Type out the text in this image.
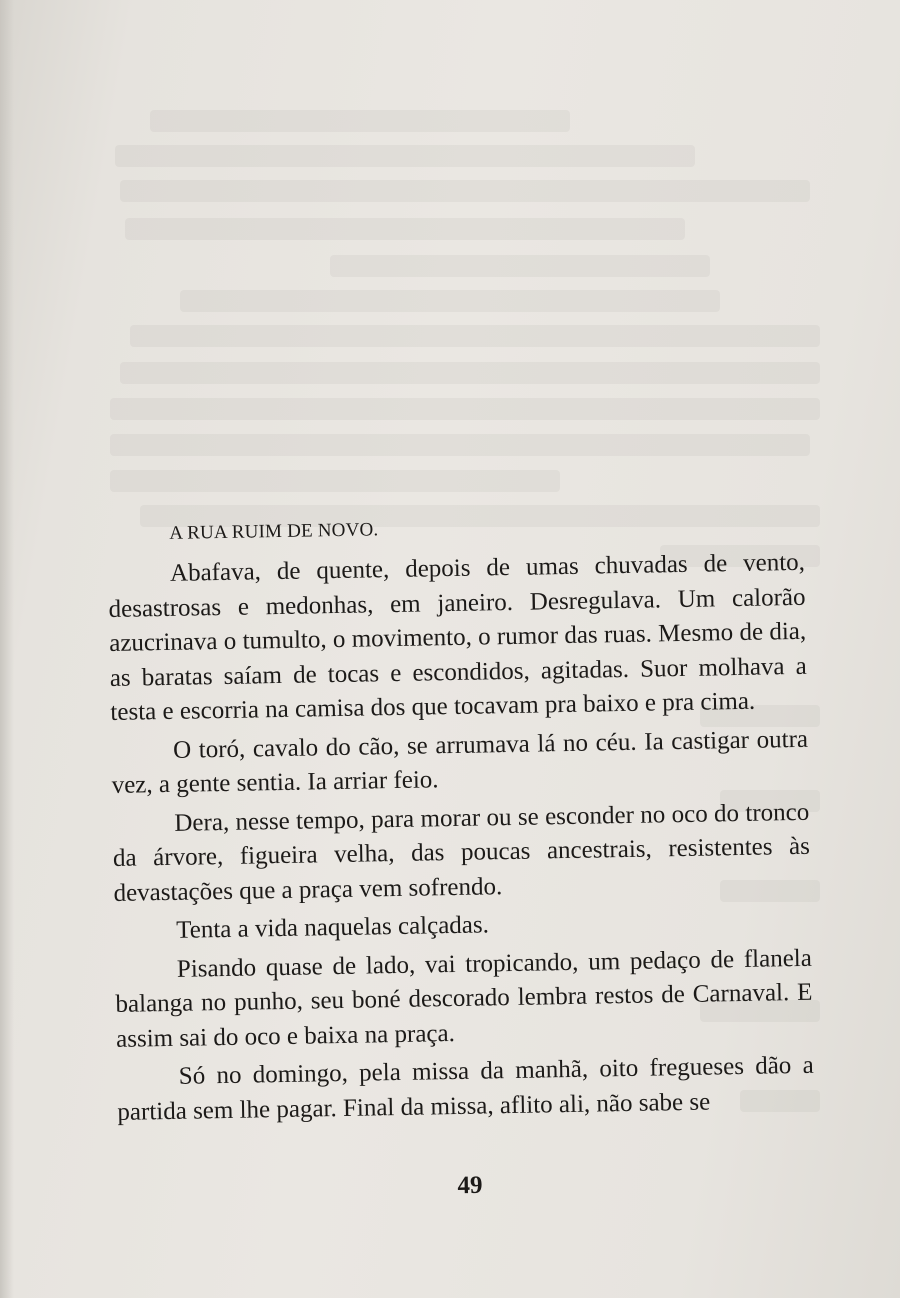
A RUA RUIM DE NOVO.

Abafava, de quente, depois de umas chuvadas de vento, desastrosas e medonhas, em janeiro. Desregulava. Um calorão azucrinava o tumulto, o movimento, o rumor das ruas. Mesmo de dia, as baratas saíam de tocas e escondidos, agitadas. Suor molhava a testa e escorria na camisa dos que tocavam pra baixo e pra cima.

O toró, cavalo do cão, se arrumava lá no céu. Ia castigar outra vez, a gente sentia. Ia arriar feio.

Dera, nesse tempo, para morar ou se esconder no oco do tronco da árvore, figueira velha, das poucas ancestrais, resistentes às devastações que a praça vem sofrendo.

Tenta a vida naquelas calçadas.

Pisando quase de lado, vai tropicando, um pedaço de flanela balanga no punho, seu boné descorado lembra restos de Carnaval. E assim sai do oco e baixa na praça.

Só no domingo, pela missa da manhã, oito fregueses dão a partida sem lhe pagar. Final da missa, aflito ali, não sabe se

49
